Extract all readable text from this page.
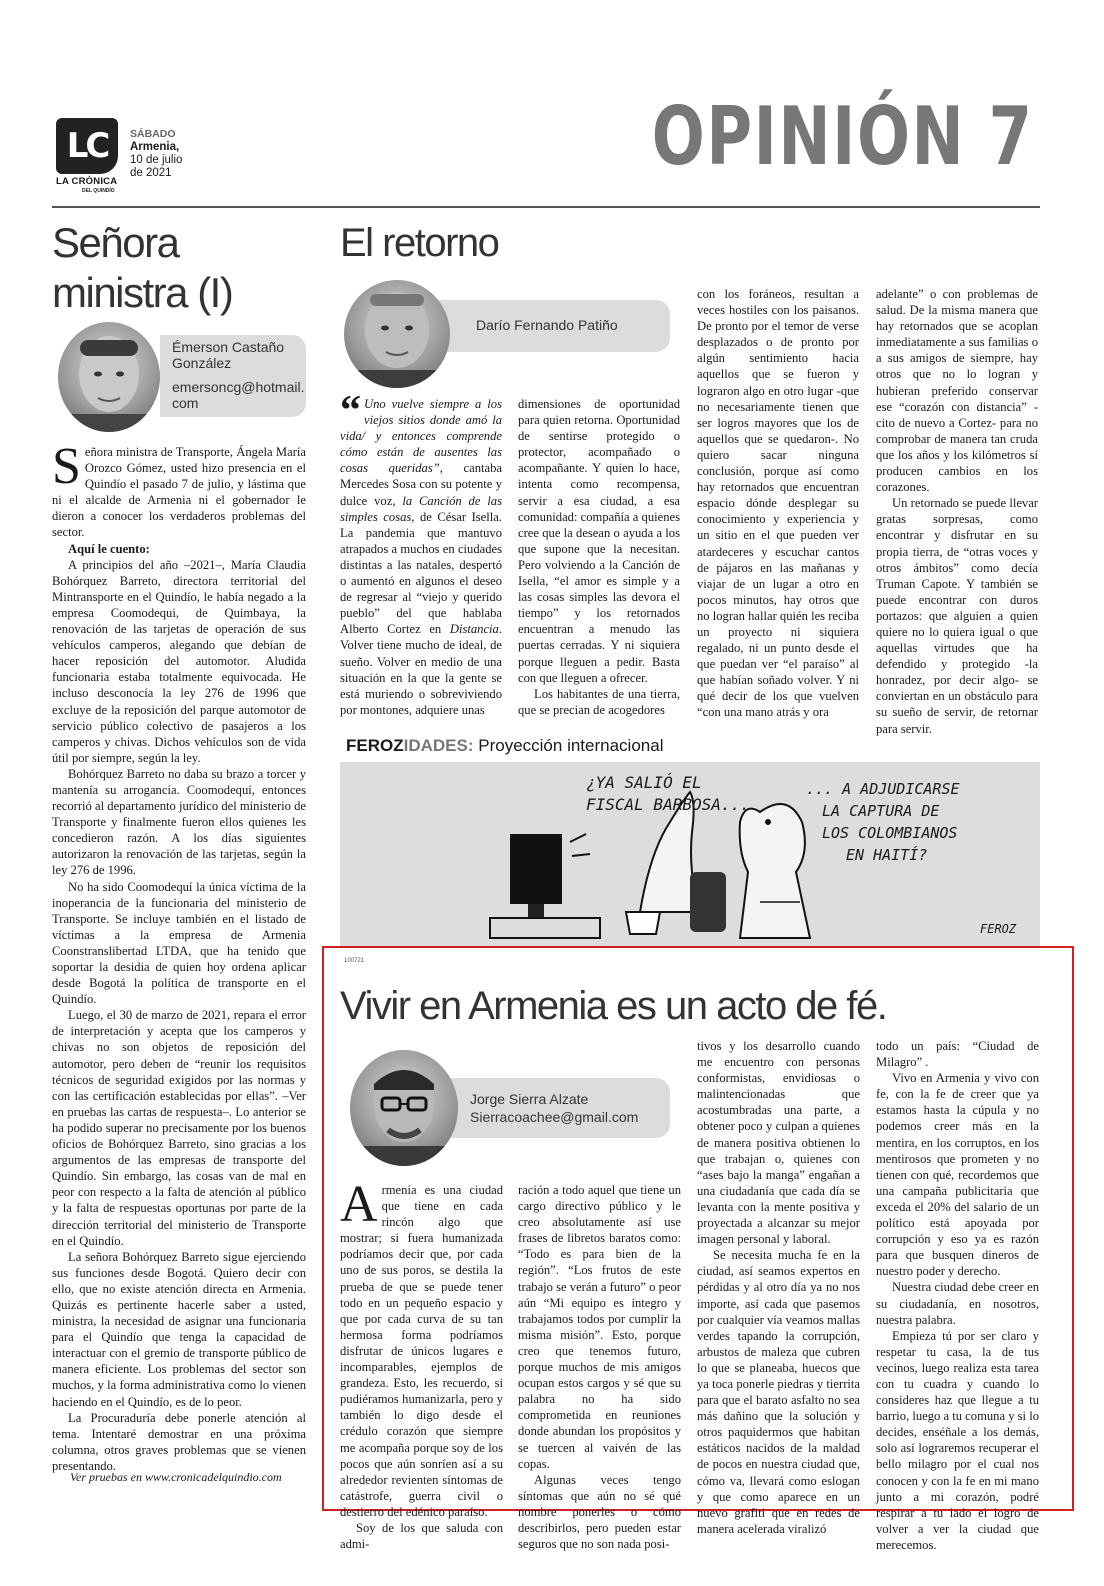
LC
LA CRÓNICA
DEL QUINDÍO
SÁBADO
Armenia,
10 de julio
de 2021	OPINIÓN 7
Señora
ministra (I)
Émerson Castaño
González
emersoncg@hotmail.
com

Señora ministra de Transporte, Ángela María Orozco Gómez, usted hizo presencia en el Quindío el pasado 7 de julio, y lástima que ni el alcalde de Armenia ni el gobernador le dieron a conocer los verdaderos problemas del sector.

Aquí le cuento:

A principios del año –2021–, María Claudia Bohórquez Barreto, directora territorial del Mintransporte en el Quindío, le había negado a la empresa Coomodequi, de Quimbaya, la renovación de las tarjetas de operación de sus vehículos camperos, alegando que debían de hacer reposición del automotor. Aludida funcionaria estaba totalmente equivocada. He incluso desconocía la ley 276 de 1996 que excluye de la reposición del parque automotor de servicio público colectivo de pasajeros a los camperos y chivas. Dichos vehículos son de vida útil por siempre, según la ley.

Bohórquez Barreto no daba su brazo a torcer y mantenía su arrogancia. Coomodequí, entonces recorrió al departamento jurídico del ministerio de Transporte y finalmente fueron ellos quienes les concedieron razón. A los días siguientes autorizaron la renovación de las tarjetas, según la ley 276 de 1996.

No ha sido Coomodequí la única víctima de la inoperancia de la funcionaria del ministerio de Transporte. Se incluye también en el listado de víctimas a la empresa de Armenia Coonstranslibertad LTDA, que ha tenido que soportar la desidia de quien hoy ordena aplicar desde Bogotá la política de transporte en el Quindío.

Luego, el 30 de marzo de 2021, repara el error de interpretación y acepta que los camperos y chivas no son objetos de reposición del automotor, pero deben de “reunir los requisitos técnicos de seguridad exigidos por las normas y con las certificación establecidas por ellas”. –Ver en pruebas las cartas de respuesta–. Lo anterior se ha podido superar no precisamente por los buenos oficios de Bohórquez Barreto, sino gracias a los argumentos de las empresas de transporte del Quindío. Sin embargo, las cosas van de mal en peor con respecto a la falta de atención al público y la falta de respuestas oportunas por parte de la dirección territorial del ministerio de Transporte en el Quindío.

La señora Bohórquez Barreto sigue ejerciendo sus funciones desde Bogotá. Quiero decir con ello, que no existe atención directa en Armenia. Quizás es pertinente hacerle saber a usted, ministra, la necesidad de asignar una funcionaria para el Quindío que tenga la capacidad de interactuar con el gremio de transporte público de manera eficiente. Los problemas del sector son muchos, y la forma administrativa como lo vienen haciendo en el Quindío, es de lo peor.

La Procuraduría debe ponerle atención al tema. Intentaré demostrar en una próxima columna, otros graves problemas que se vienen presentando.

Ver pruebas en www.cronicadelquindio.com
El retorno
Darío Fernando Patiño

“ Uno vuelve siempre a los viejos sitios donde amó la vida/ y entonces comprende cómo están de ausentes las cosas queridas”, cantaba Mercedes Sosa con su potente y dulce voz, la Canción de las simples cosas, de César Isella. La pandemia que mantuvo atrapados a muchos en ciudades distintas a las natales, despertó o aumentó en algunos el deseo de regresar al “viejo y querido pueblo” del que hablaba Alberto Cortez en Distancia. Volver tiene mucho de ideal, de sueño. Volver en medio de una situación en la que la gente se está muriendo o sobreviviendo por montones, adquiere unas

dimensiones de oportunidad para quien retorna. Oportunidad de sentirse protegido o protector, acompañado o acompañante. Y quien lo hace, intenta como recompensa, servir a esa ciudad, a esa comunidad: compañía a quienes cree que la desean o ayuda a los que supone que la necesitan. Pero volviendo a la Canción de Isella, “el amor es simple y a las cosas simples las devora el tiempo” y los retornados encuentran a menudo las puertas cerradas. Y ni siquiera porque lleguen a pedir. Basta con que lleguen a ofrecer.

Los habitantes de una tierra, que se precian de acogedores

con los foráneos, resultan a veces hostiles con los paisanos. De pronto por el temor de verse desplazados o de pronto por algún sentimiento hacia aquellos que se fueron y lograron algo en otro lugar -que no necesariamente tienen que ser logros mayores que los de aquellos que se quedaron-. No quiero sacar ninguna conclusión, porque así como hay retornados que encuentran espacio dónde desplegar su conocimiento y experiencia y un sitio en el que pueden ver atardeceres y escuchar cantos de pájaros en las mañanas y viajar de un lugar a otro en pocos minutos, hay otros que no logran hallar quién les reciba un proyecto ni siquiera regalado, ni un punto desde el que puedan ver “el paraíso” al que habían soñado volver. Y ni qué decir de los que vuelven “con una mano atrás y ora

adelante” o con problemas de salud. De la misma manera que hay retornados que se acoplan inmediatamente a sus familias o a sus amigos de siempre, hay otros que no lo logran y hubieran preferido conservar ese “corazón con distancia” -cito de nuevo a Cortez- para no comprobar de manera tan cruda que los años y los kilómetros sí producen cambios en los corazones.

Un retornado se puede llevar gratas sorpresas, como encontrar y disfrutar en su propia tierra, de “otras voces y otros ámbitos” como decía Truman Capote. Y también se puede encontrar con duros portazos: que alguien a quien quiere no lo quiera igual o que aquellas virtudes que ha defendido y protegido -la honradez, por decir algo- se conviertan en un obstáculo para su sueño de servir, de retornar para servir.

FEROZIDADES: Proyección internacional
¿YA SALIÓ EL
FISCAL BARBOSA...
... A ADJUDICARSE
LA CAPTURA DE
LOS COLOMBIANOS
EN HAITÍ?
FEROZ
100721
Vivir en Armenia es un acto de fé.
Jorge Sierra Alzate
Sierracoachee@gmail.com

Armenia es una ciudad que tiene en cada rincón algo que mostrar; si fuera humanizada podríamos decir que, por cada uno de sus poros, se destila la prueba de que se puede tener todo en un pequeño espacio y que por cada curva de su tan hermosa forma podríamos disfrutar de únicos lugares e incomparables, ejemplos de grandeza. Esto, les recuerdo, si pudiéramos humanizarla, pero y también lo digo desde el crédulo corazón que siempre me acompaña porque soy de los pocos que aún sonríen así a su alrededor revienten síntomas de catástrofe, guerra civil o destierro del edénico paraíso.

Soy de los que saluda con admi-

ración a todo aquel que tiene un cargo directivo público y le creo absolutamente así use frases de libretos baratos como: “Todo es para bien de la región”. “Los frutos de este trabajo se verán a futuro” o peor aún “Mi equipo es íntegro y trabajamos todos por cumplir la misma misión”. Esto, porque creo que tenemos futuro, porque muchos de mis amigos ocupan estos cargos y sé que su palabra no ha sido comprometida en reuniones donde abundan los propósitos y se tuercen al vaivén de las copas.

Algunas veces tengo síntomas que aún no sé qué nombre ponerles o cómo describirlos, pero pueden estar seguros que no son nada posi-

tivos y los desarrollo cuando me encuentro con personas conformistas, envidiosas o malintencionadas que acostumbradas una parte, a obtener poco y culpan a quienes de manera positiva obtienen lo que trabajan o, quienes con “ases bajo la manga” engañan a una ciudadanía que cada día se levanta con la mente positiva y proyectada a alcanzar su mejor imagen personal y laboral.

Se necesita mucha fe en la ciudad, así seamos expertos en pérdidas y al otro día ya no nos importe, así cada que pasemos por cualquier vía veamos mallas verdes tapando la corrupción, arbustos de maleza que cubren lo que se planeaba, huecos que ya toca ponerle piedras y tierrita para que el barato asfalto no sea más dañino que la solución y otros paquidermos que habitan estáticos nacidos de la maldad de pocos en nuestra ciudad que, cómo va, llevará como eslogan y que como aparece en un nuevo grafiti que en redes de manera acelerada viralizó

todo un país: “Ciudad de Milagro” .

Vivo en Armenia y vivo con fe, con la fe de creer que ya estamos hasta la cúpula y no podemos creer más en la mentira, en los corruptos, en los mentirosos que prometen y no tienen con qué, recordemos que una campaña publicitaria que exceda el 20% del salario de un político está apoyada por corrupción y eso ya es razón para que busquen dineros de nuestro poder y derecho.

Nuestra ciudad debe creer en su ciudadanía, en nosotros, nuestra palabra.

Empieza tú por ser claro y respetar tu casa, la de tus vecinos, luego realiza esta tarea con tu cuadra y cuando lo consideres haz que llegue a tu barrio, luego a tu comuna y si lo decides, enséñale a los demás, solo así lograremos recuperar el bello milagro por el cual nos conocen y con la fe en mi mano junto a mi corazón, podré respirar a tu lado el logro de volver a ver la ciudad que merecemos.
